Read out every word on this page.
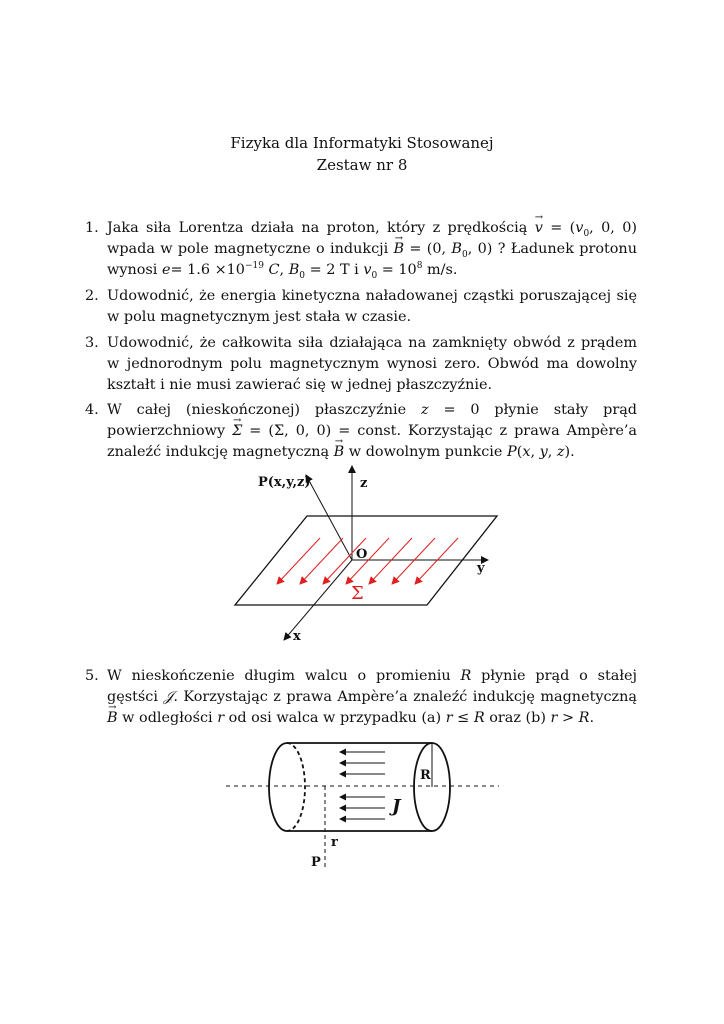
Fizyka dla Informatyki Stosowanej
Zestaw nr 8
1. Jaka siła Lorentza działa na proton, który z prędkością → $v = (v_0$, 0, 0) wpada w pole magnetyczne o indukcji → B = (0, $B_0$, 0) ? Ładunek protonu wynosi $e= 1.6 \times 10^{-19}$ C, $B_0 = 2$ T i $v_0 = 10^8$ m/s.
2. Udowodnić, że energia kinetyczna naładowanej cząstki poruszającej się w polu magnetycznym jest stała w czasie.
3. Udowodnić, że całkowita siła działająca na zamknięty obwód z prądem w jednorodnym polu magnetycznym wynosi zero. Obwód ma dowolny kształt i nie musi zawierać się w jednej płaszczyźnie.
4. W całej (nieskończonej) płaszczyźnie z = 0 płynie stały prąd powierzchniowy → Σ = (Σ, 0, 0) = const. Korzystając z prawa Ampère’a znaleźć indukcję magnetyczną → B w dowolnym punkcie P(x, y, z).
P(x,y,z)	z
O
y
x
Σ
5. W nieskończenie długim walcu o promieniu R płynie prąd o stałej gęstści 𝒥. Korzystając z prawa Ampère’a znaleźć indukcję magnetyczną → B w odległości r od osi walca w przypadku (a) r ≤ R oraz (b) r > R.
R
J
r
P
